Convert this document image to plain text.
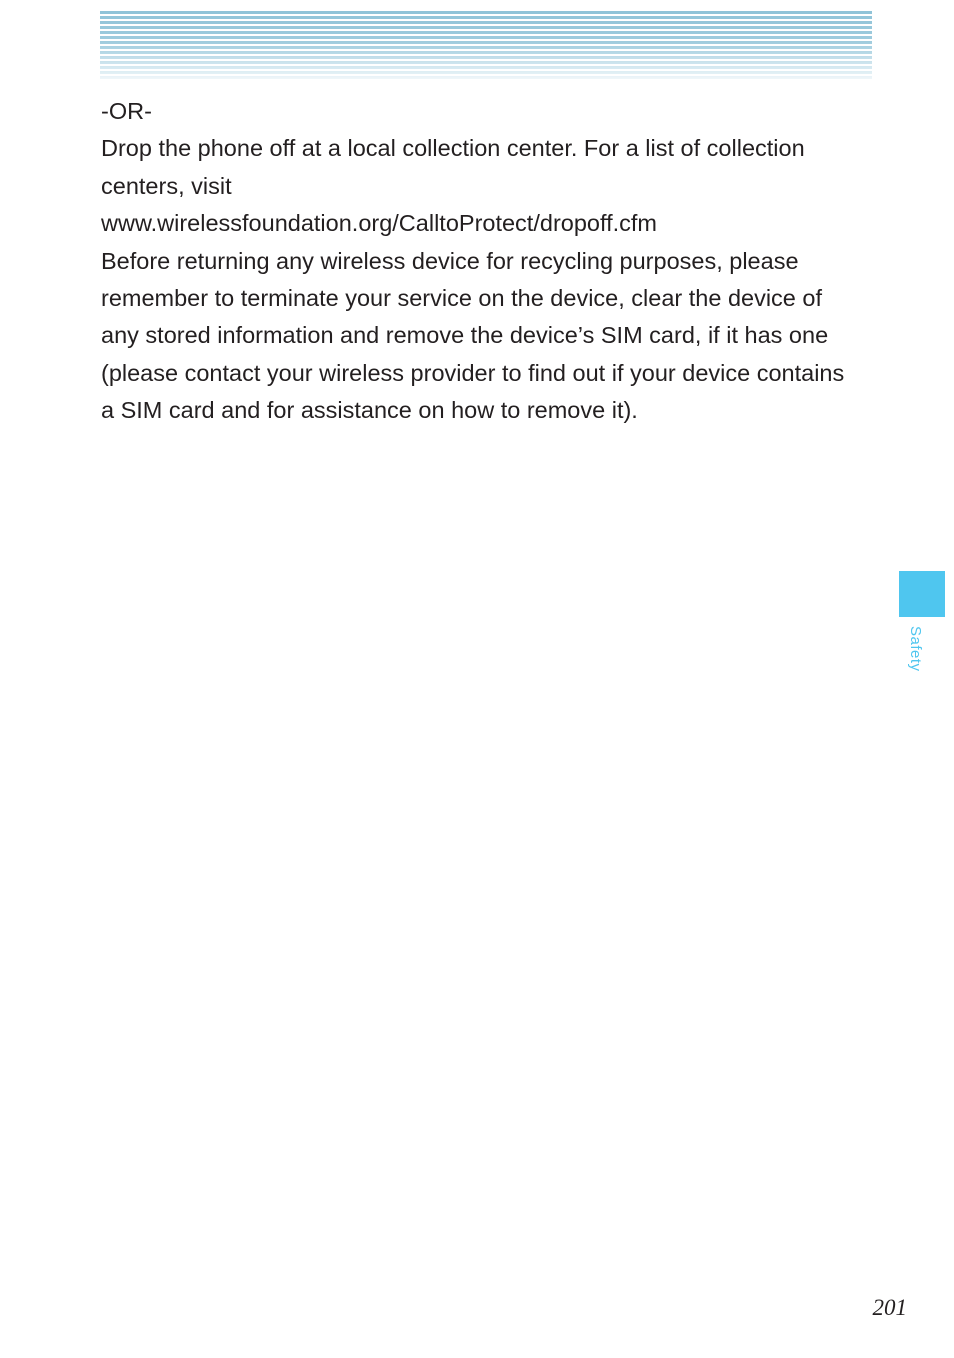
-OR-

Drop the phone off at a local collection center. For a list of collection centers, visit

www.wirelessfoundation.org/CalltoProtect/dropoff.cfm

Before returning any wireless device for recycling purposes, please remember to terminate your service on the device, clear the device of any stored information and remove the device’s SIM card, if it has one (please contact your wireless provider to find out if your device contains a SIM card and for assistance on how to remove it).

Safety
201
